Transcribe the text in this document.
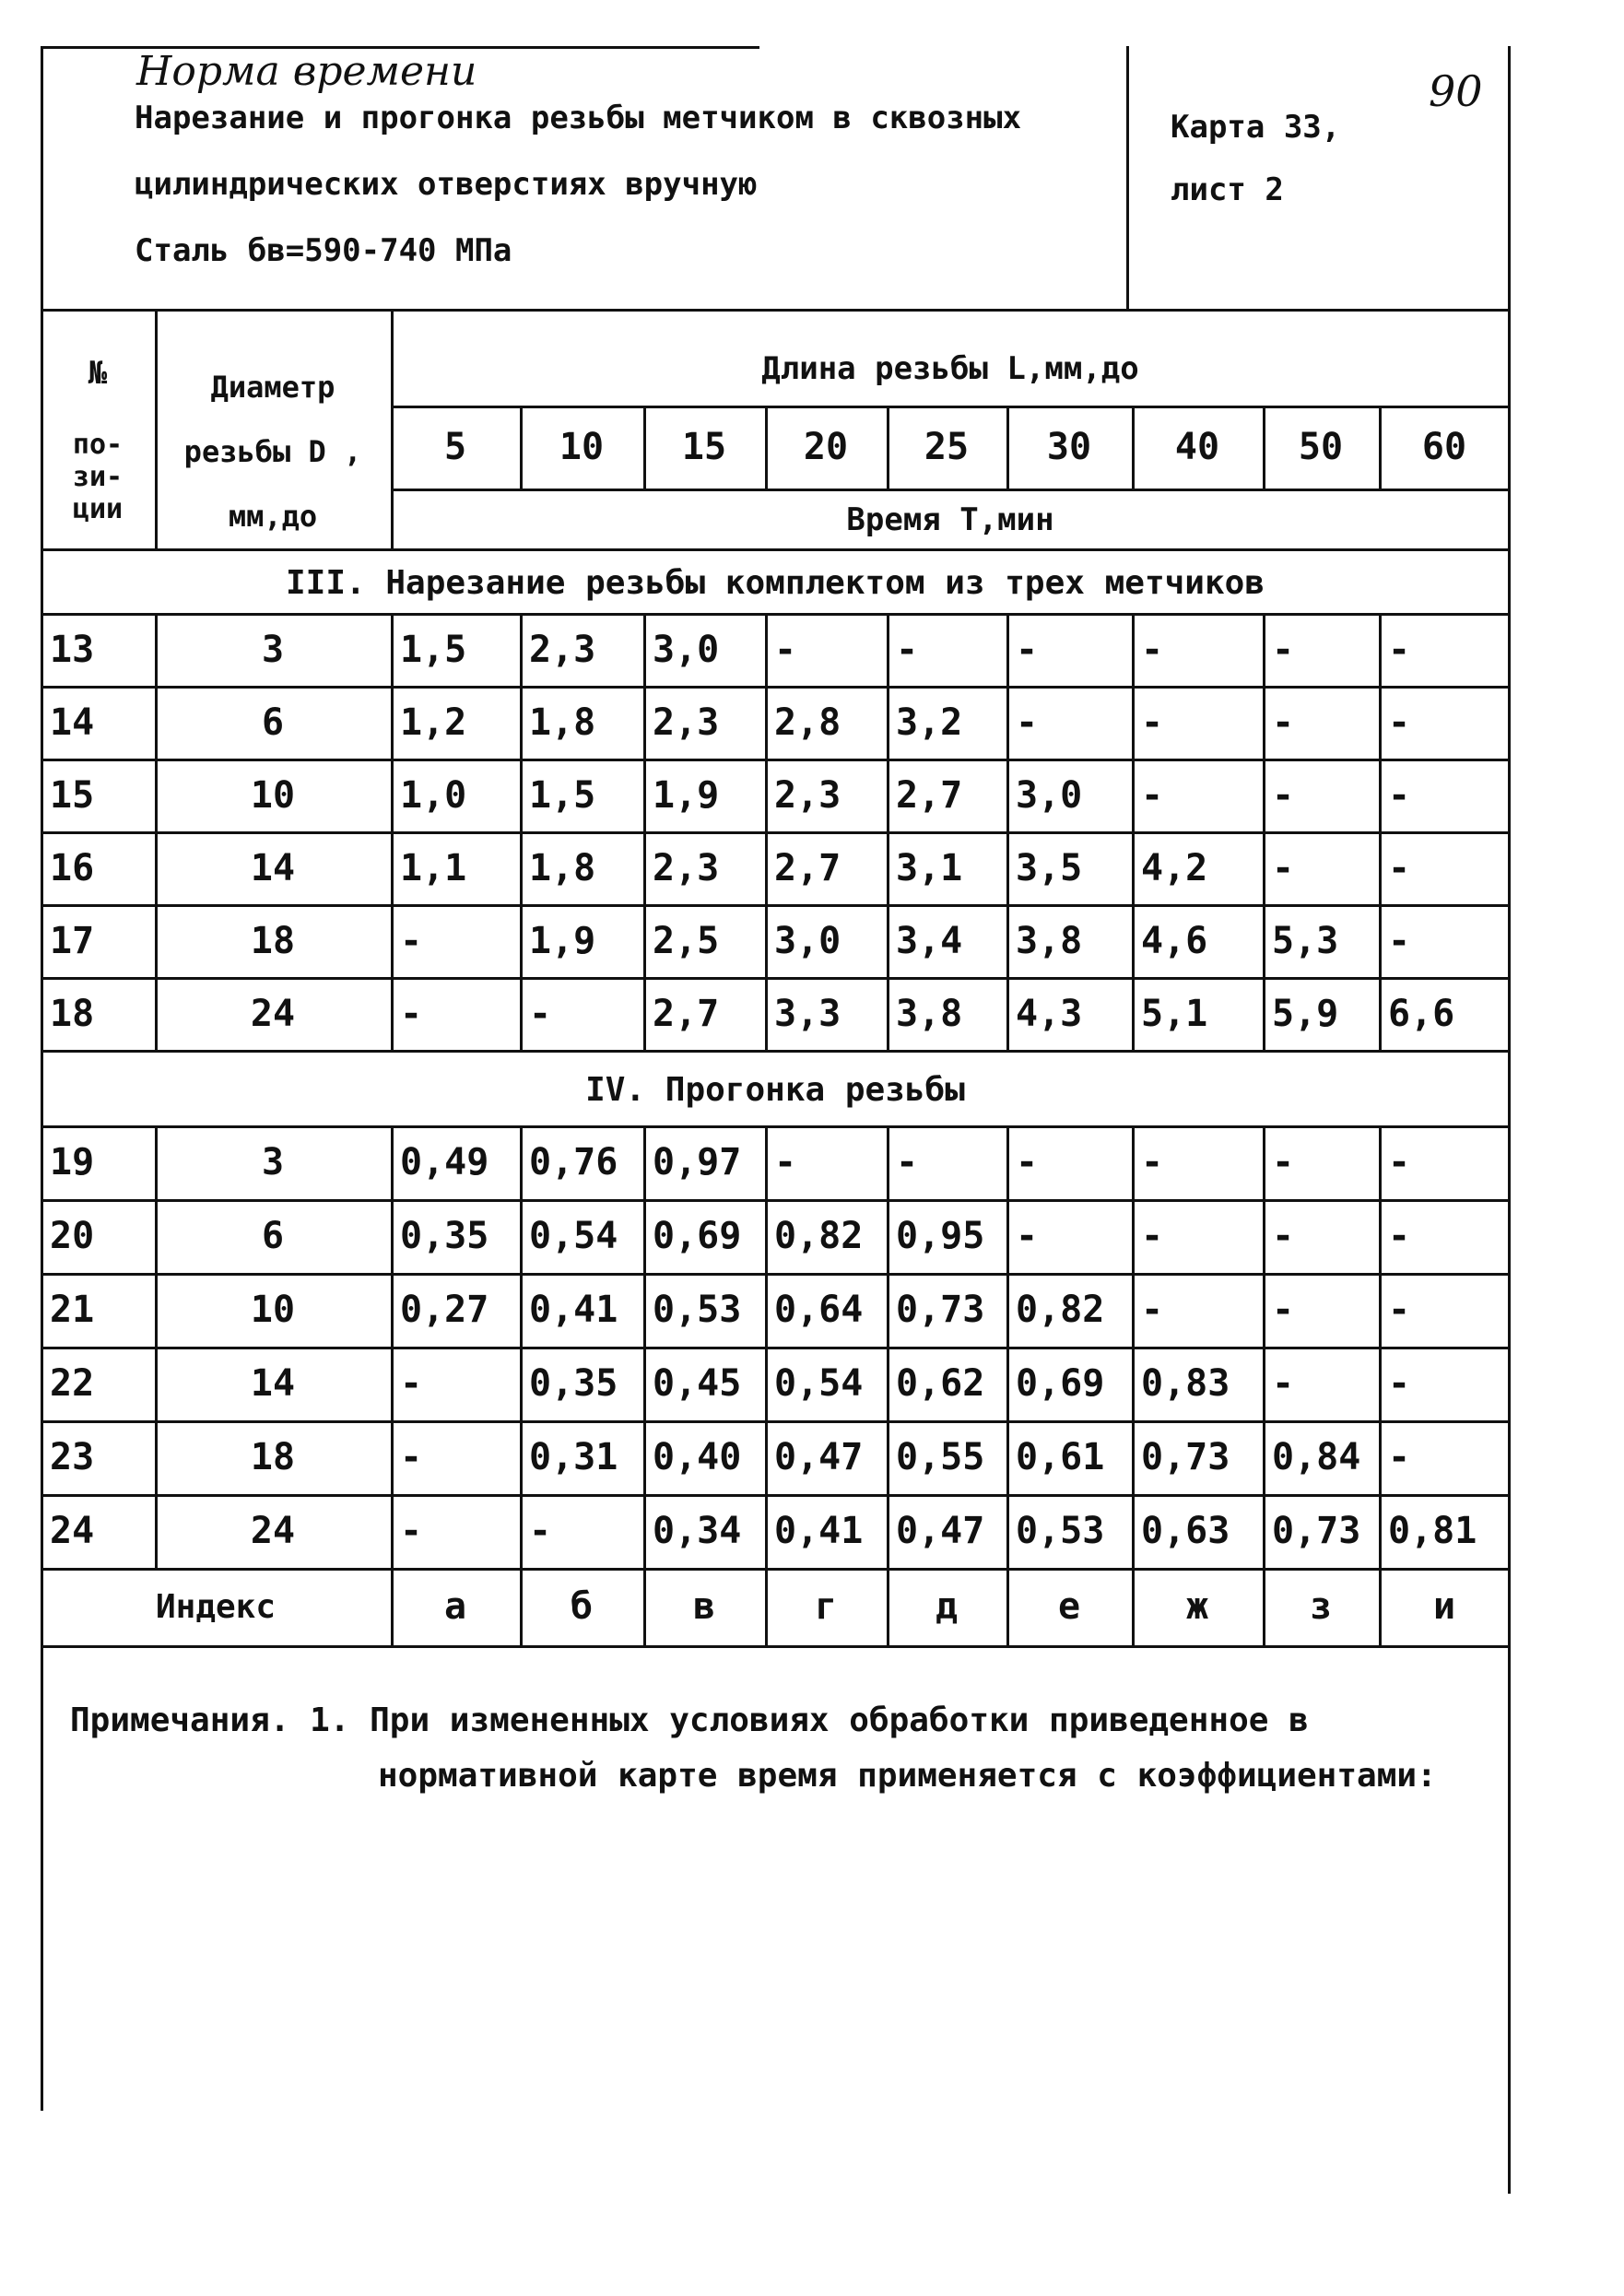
Норма времени	90
Нарезание и прогонка резьбы метчиком в сквозных
цилиндрических отверстиях вручную
Сталь бв=590-740 МПа
Карта 33,
лист 2
№
по-
зи-
ции
Диаметр
резьбы D ,
мм,до
Длина резьбы L,мм,до
Время Т,мин
5	10	15	20	25	30	40	50	60
III. Нарезание резьбы комплектом из трех метчиков
13	3	1,5	2,3	3,0	-	-	-	-	-	-
14	6	1,2	1,8	2,3	2,8	3,2	-	-	-	-
15	10	1,0	1,5	1,9	2,3	2,7	3,0	-	-	-
16	14	1,1	1,8	2,3	2,7	3,1	3,5	4,2	-	-
17	18	-	1,9	2,5	3,0	3,4	3,8	4,6	5,3	-
18	24	-	-	2,7	3,3	3,8	4,3	5,1	5,9	6,6
IV. Прогонка резьбы
19	3	0,49	0,76 0,97 -	-	-	-	-	-
20	6	0,35	0,54 0,69 0,82 0,95 -	-	-	-
21	10	0,27	0,41 0,53 0,64 0,73 0,82 -	-	-
22	14	-	0,35 0,45 0,54 0,62 0,69 0,83	-	-
23	18	-	0,31 0,40 0,47 0,55 0,61 0,73	0,84 -
24	24	-	-	0,34 0,41 0,47 0,53 0,63	0,73 0,81
Индекс	а	б	в	г	д	е	ж	з	и
Примечания. 1. При измененных условиях обработки приведенное в
нормативной карте время применяется с коэффициентами:
